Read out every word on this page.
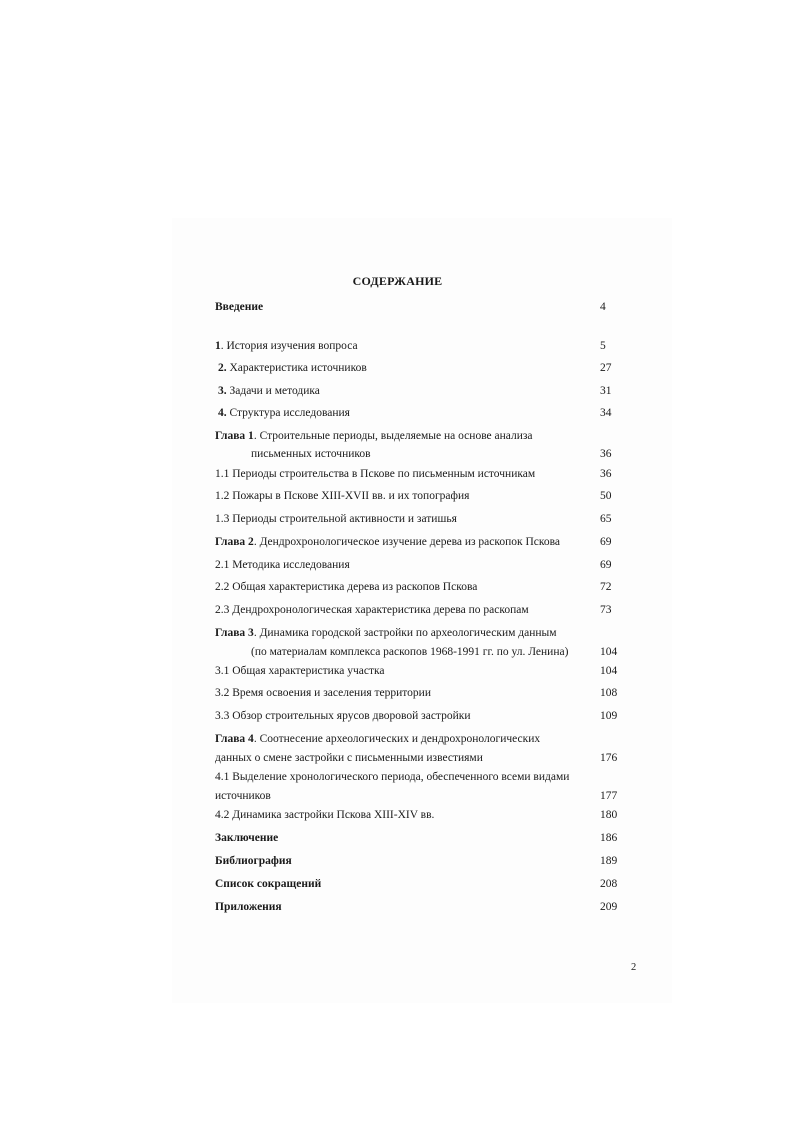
СОДЕРЖАНИЕ
Введение	4
1. История изучения вопроса	5
2. Характеристика источников	27
3. Задачи и методика	31
4. Структура исследования	34
Глава 1. Строительные периоды, выделяемые на основе анализа
письменных источников	36
1.1 Периоды строительства в Пскове по письменным источникам	36
1.2 Пожары в Пскове XIII-XVII вв. и их топография	50
1.3 Периоды строительной активности и затишья	65
Глава 2. Дендрохронологическое изучение дерева из раскопок Пскова	69
2.1 Методика исследования	69
2.2 Общая характеристика дерева из раскопов Пскова	72
2.3 Дендрохронологическая характеристика дерева по раскопам	73
Глава 3. Динамика городской застройки по археологическим данным
(по материалам комплекса раскопов 1968-1991 гг. по ул. Ленина)	104
3.1 Общая характеристика участка	104
3.2 Время освоения и заселения территории	108
3.3 Обзор строительных ярусов дворовой застройки	109
Глава 4. Соотнесение археологических и дендрохронологических
данных о смене застройки с письменными известиями	176
4.1 Выделение хронологического периода, обеспеченного всеми видами
источников	177
4.2 Динамика застройки Пскова XIII-XIV вв.	180
Заключение	186
Библиография	189
Список сокращений	208
Приложения	209
2
